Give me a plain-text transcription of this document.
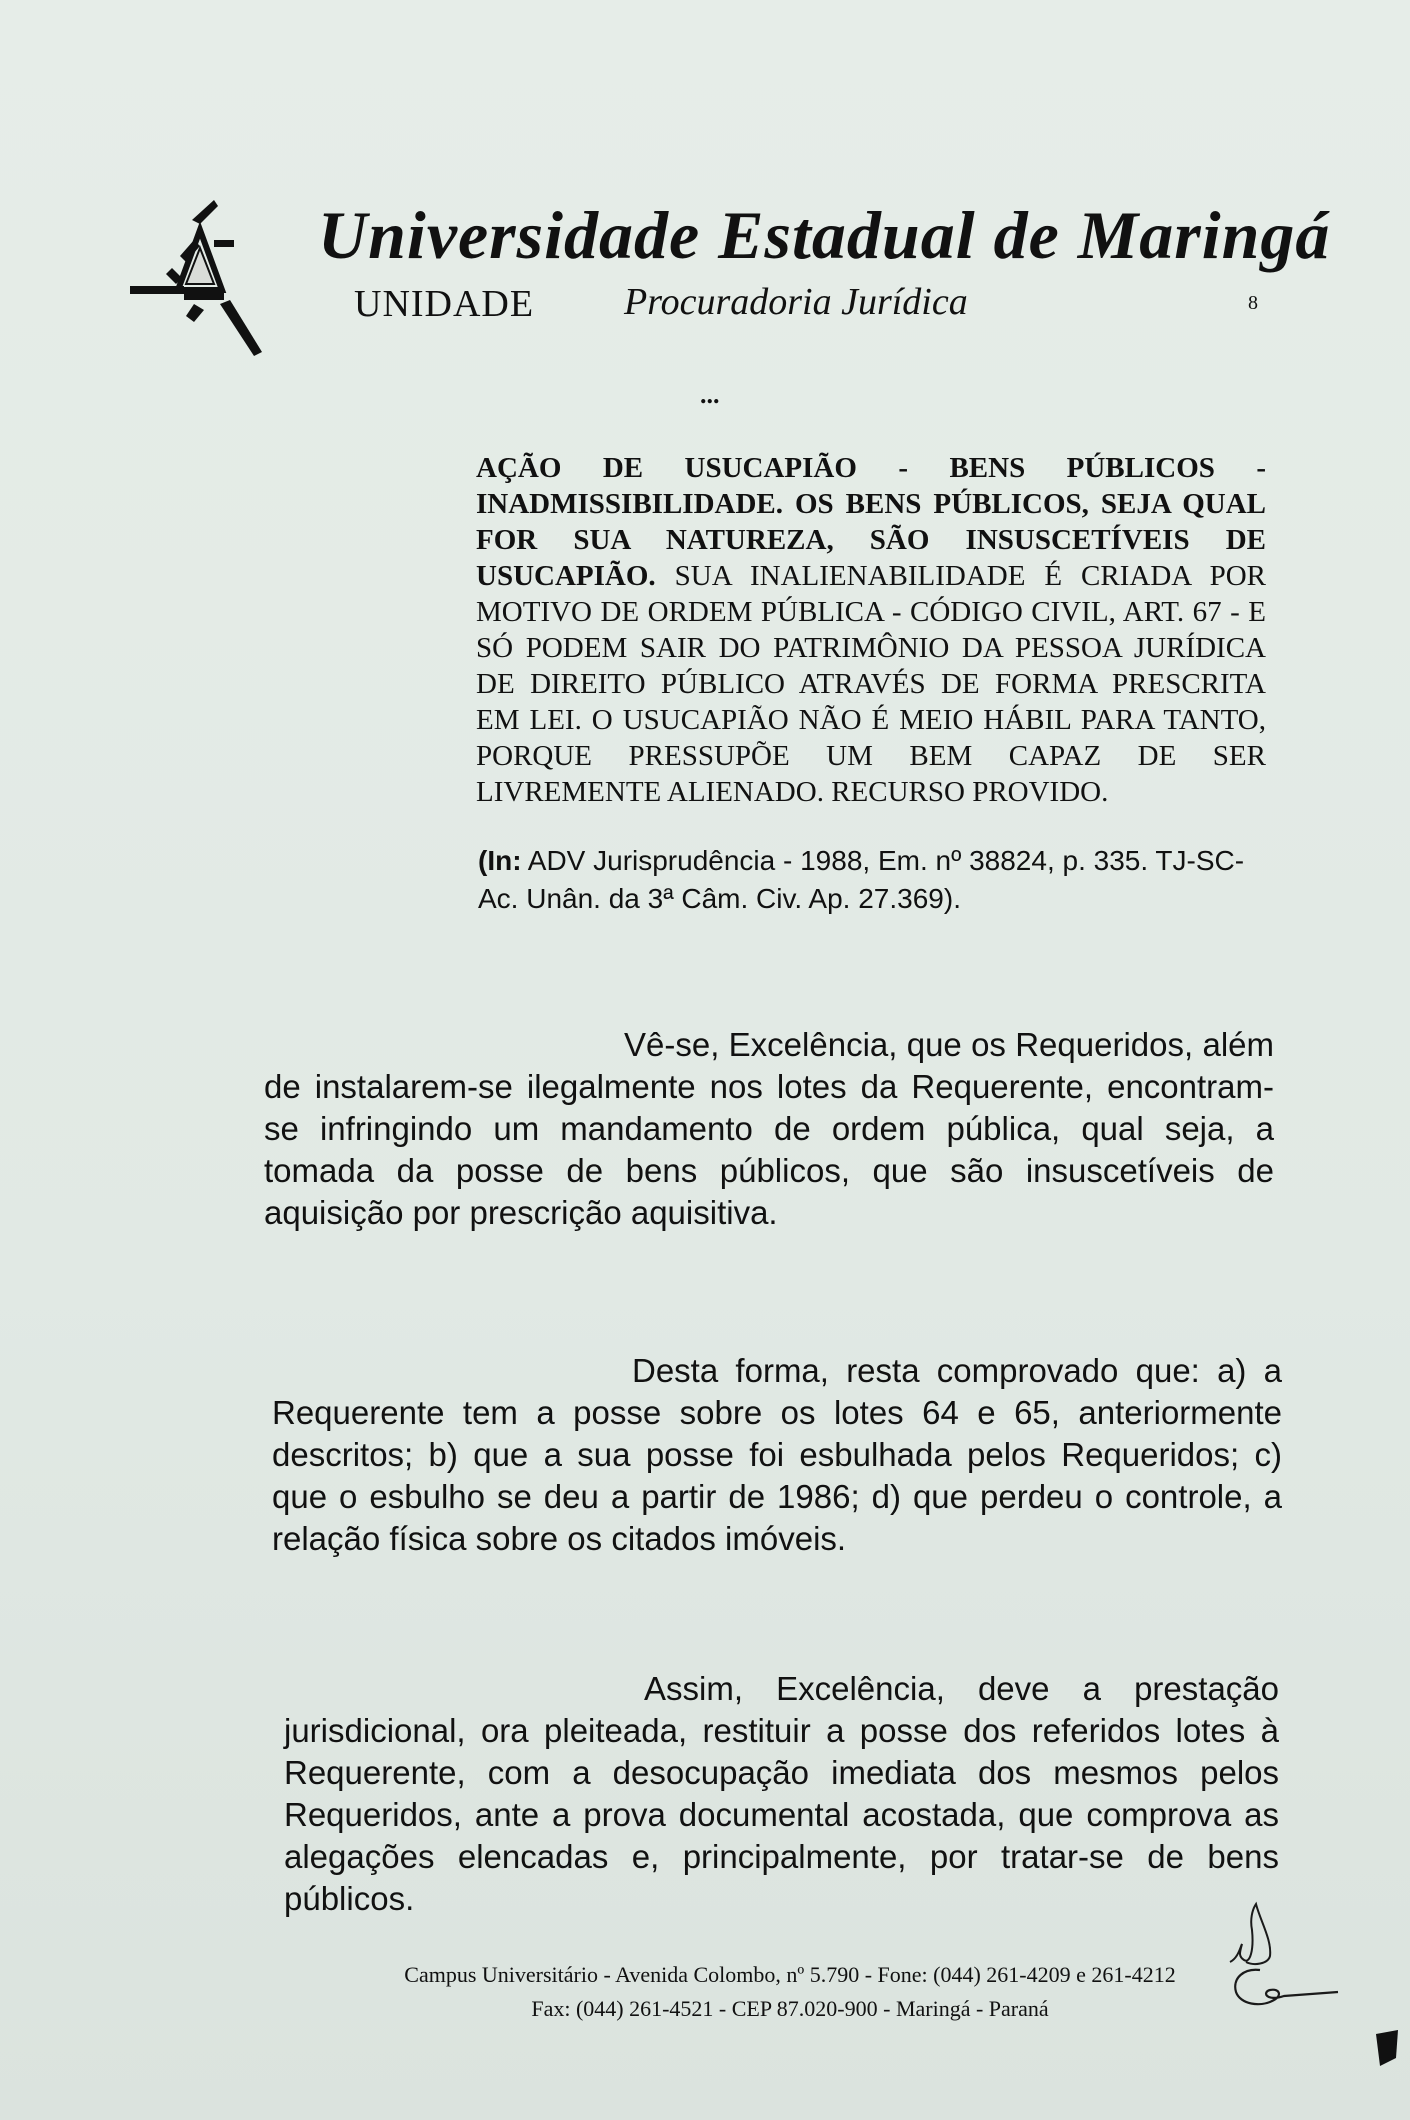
Universidade Estadual de Maringá
UNIDADE Procuradoria Jurídica	8
...
AÇÃO DE USUCAPIÃO - BENS PÚBLICOS - INADMISSIBILIDADE. OS BENS PÚBLICOS, SEJA QUAL FOR SUA NATUREZA, SÃO INSUSCETÍVEIS DE USUCAPIÃO. SUA INALIENABILIDADE É CRIADA POR MOTIVO DE ORDEM PÚBLICA - CÓDIGO CIVIL, ART. 67 - E SÓ PODEM SAIR DO PATRIMÔNIO DA PESSOA JURÍDICA DE DIREITO PÚBLICO ATRAVÉS DE FORMA PRESCRITA EM LEI. O USUCAPIÃO NÃO É MEIO HÁBIL PARA TANTO, PORQUE PRESSUPÕE UM BEM CAPAZ DE SER LIVREMENTE ALIENADO. RECURSO PROVIDO.
(In: ADV Jurisprudência - 1988, Em. nº 38824, p. 335. TJ-SC- Ac. Unân. da 3ª Câm. Civ. Ap. 27.369).

Vê-se, Excelência, que os Requeridos, além de instalarem-se ilegalmente nos lotes da Requerente, encontram-se infringindo um mandamento de ordem pública, qual seja, a tomada da posse de bens públicos, que são insuscetíveis de aquisição por prescrição aquisitiva.

Desta forma, resta comprovado que: a) a Requerente tem a posse sobre os lotes 64 e 65, anteriormente descritos; b) que a sua posse foi esbulhada pelos Requeridos; c) que o esbulho se deu a partir de 1986; d) que perdeu o controle, a relação física sobre os citados imóveis.

Assim, Excelência, deve a prestação jurisdicional, ora pleiteada, restituir a posse dos referidos lotes à Requerente, com a desocupação imediata dos mesmos pelos Requeridos, ante a prova documental acostada, que comprova as alegações elencadas e, principalmente, por tratar-se de bens públicos.

Campus Universitário - Avenida Colombo, nº 5.790 - Fone: (044) 261-4209 e 261-4212
Fax: (044) 261-4521 - CEP 87.020-900 - Maringá - Paraná
